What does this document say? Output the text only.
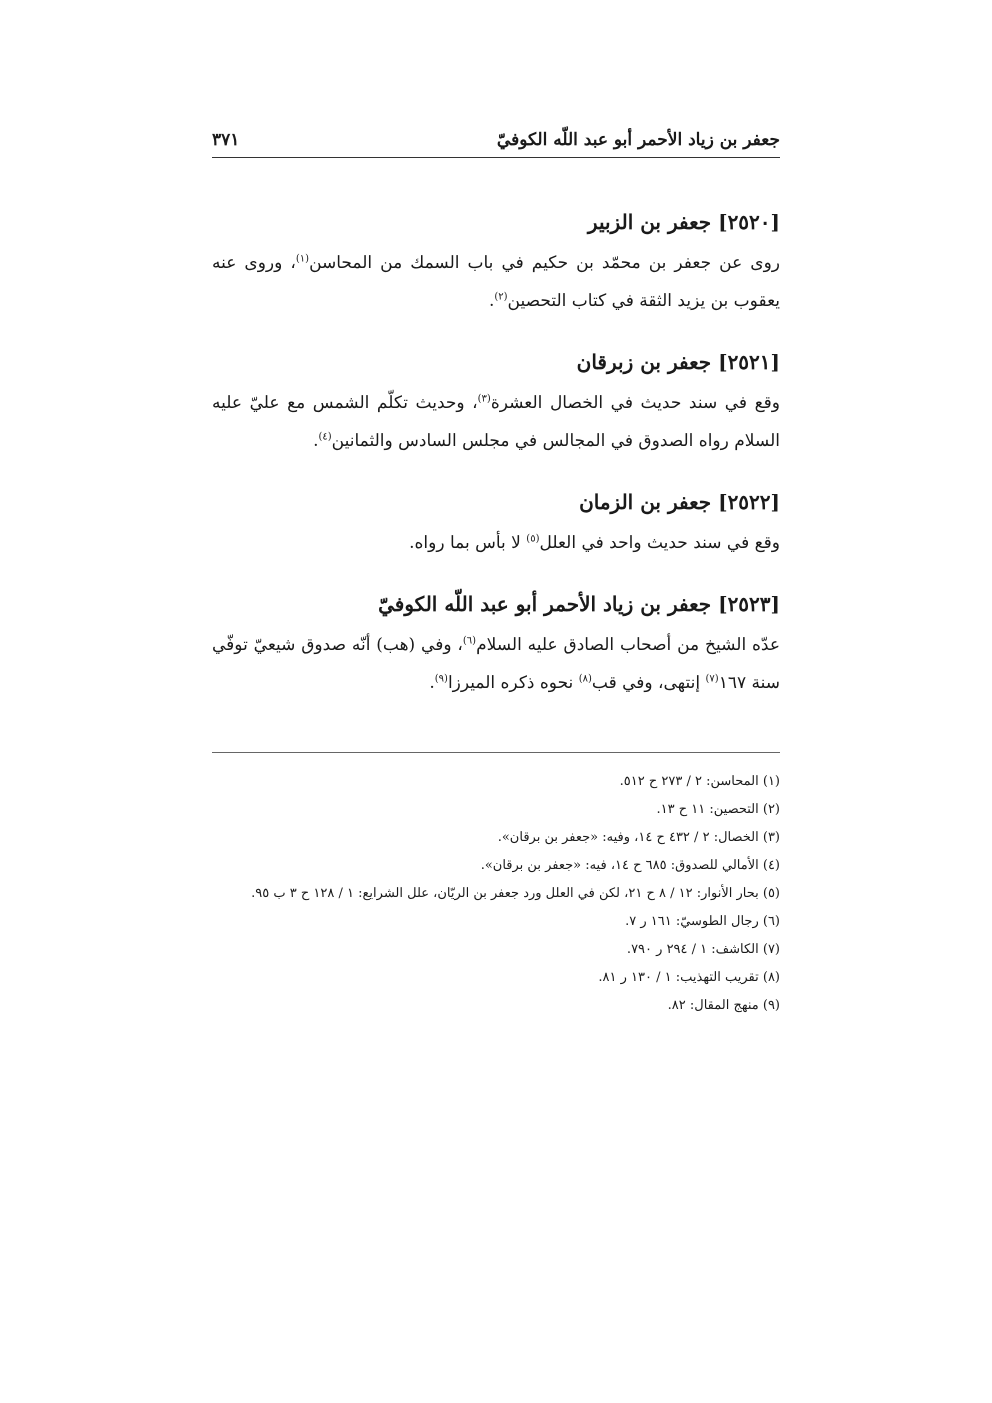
جعفر بن زياد الأحمر أبو عبد اللّه الكوفيّ
٣٧١
[٢٥٢٠] جعفر بن الزبير

روى عن جعفر بن محمّد بن حكيم في باب السمك من المحاسن$^{(١)}$، وروى عنه يعقوب بن يزيد الثقة في كتاب التحصين$^{(٢)}$.

[٢٥٢١] جعفر بن زبرقان

وقع في سند حديث في الخصال العشرة$^{(٣)}$، وحديث تكلّم الشمس مع عليّ عليه السلام رواه الصدوق في المجالس في مجلس السادس والثمانين$^{(٤)}$.

[٢٥٢٢] جعفر بن الزمان

وقع في سند حديث واحد في العلل$^{(٥)}$ لا بأس بما رواه.

[٢٥٢٣] جعفر بن زياد الأحمر أبو عبد اللّه الكوفيّ

عدّه الشيخ من أصحاب الصادق عليه السلام$^{(٦)}$، وفي (هب) أنّه صدوق شيعيّ توفّي سنة ١٦٧$^{(٧)}$ إنتهى، وفي قب$^{(٨)}$ نحوه ذكره الميرزا$^{(٩)}$.

(١) المحاسن: ٢ / ٢٧٣ ح ٥١٢.
(٢) التحصين: ١١ ح ١٣.
(٣) الخصال: ٢ / ٤٣٢ ح ١٤، وفيه: «جعفر بن برقان».
(٤) الأمالي للصدوق: ٦٨٥ ح ١٤، فيه: «جعفر بن برقان».
(٥) بحار الأنوار: ١٢ / ٨ ح ٢١، لكن في العلل ورد جعفر بن الريّان، علل الشرايع: ١ / ١٢٨ ح ٣ ب ٩٥.
(٦) رجال الطوسيّ: ١٦١ ر ٧.
(٧) الكاشف: ١ / ٢٩٤ ر ٧٩٠.
(٨) تقريب التهذيب: ١ / ١٣٠ ر ٨١.
(٩) منهج المقال: ٨٢.
